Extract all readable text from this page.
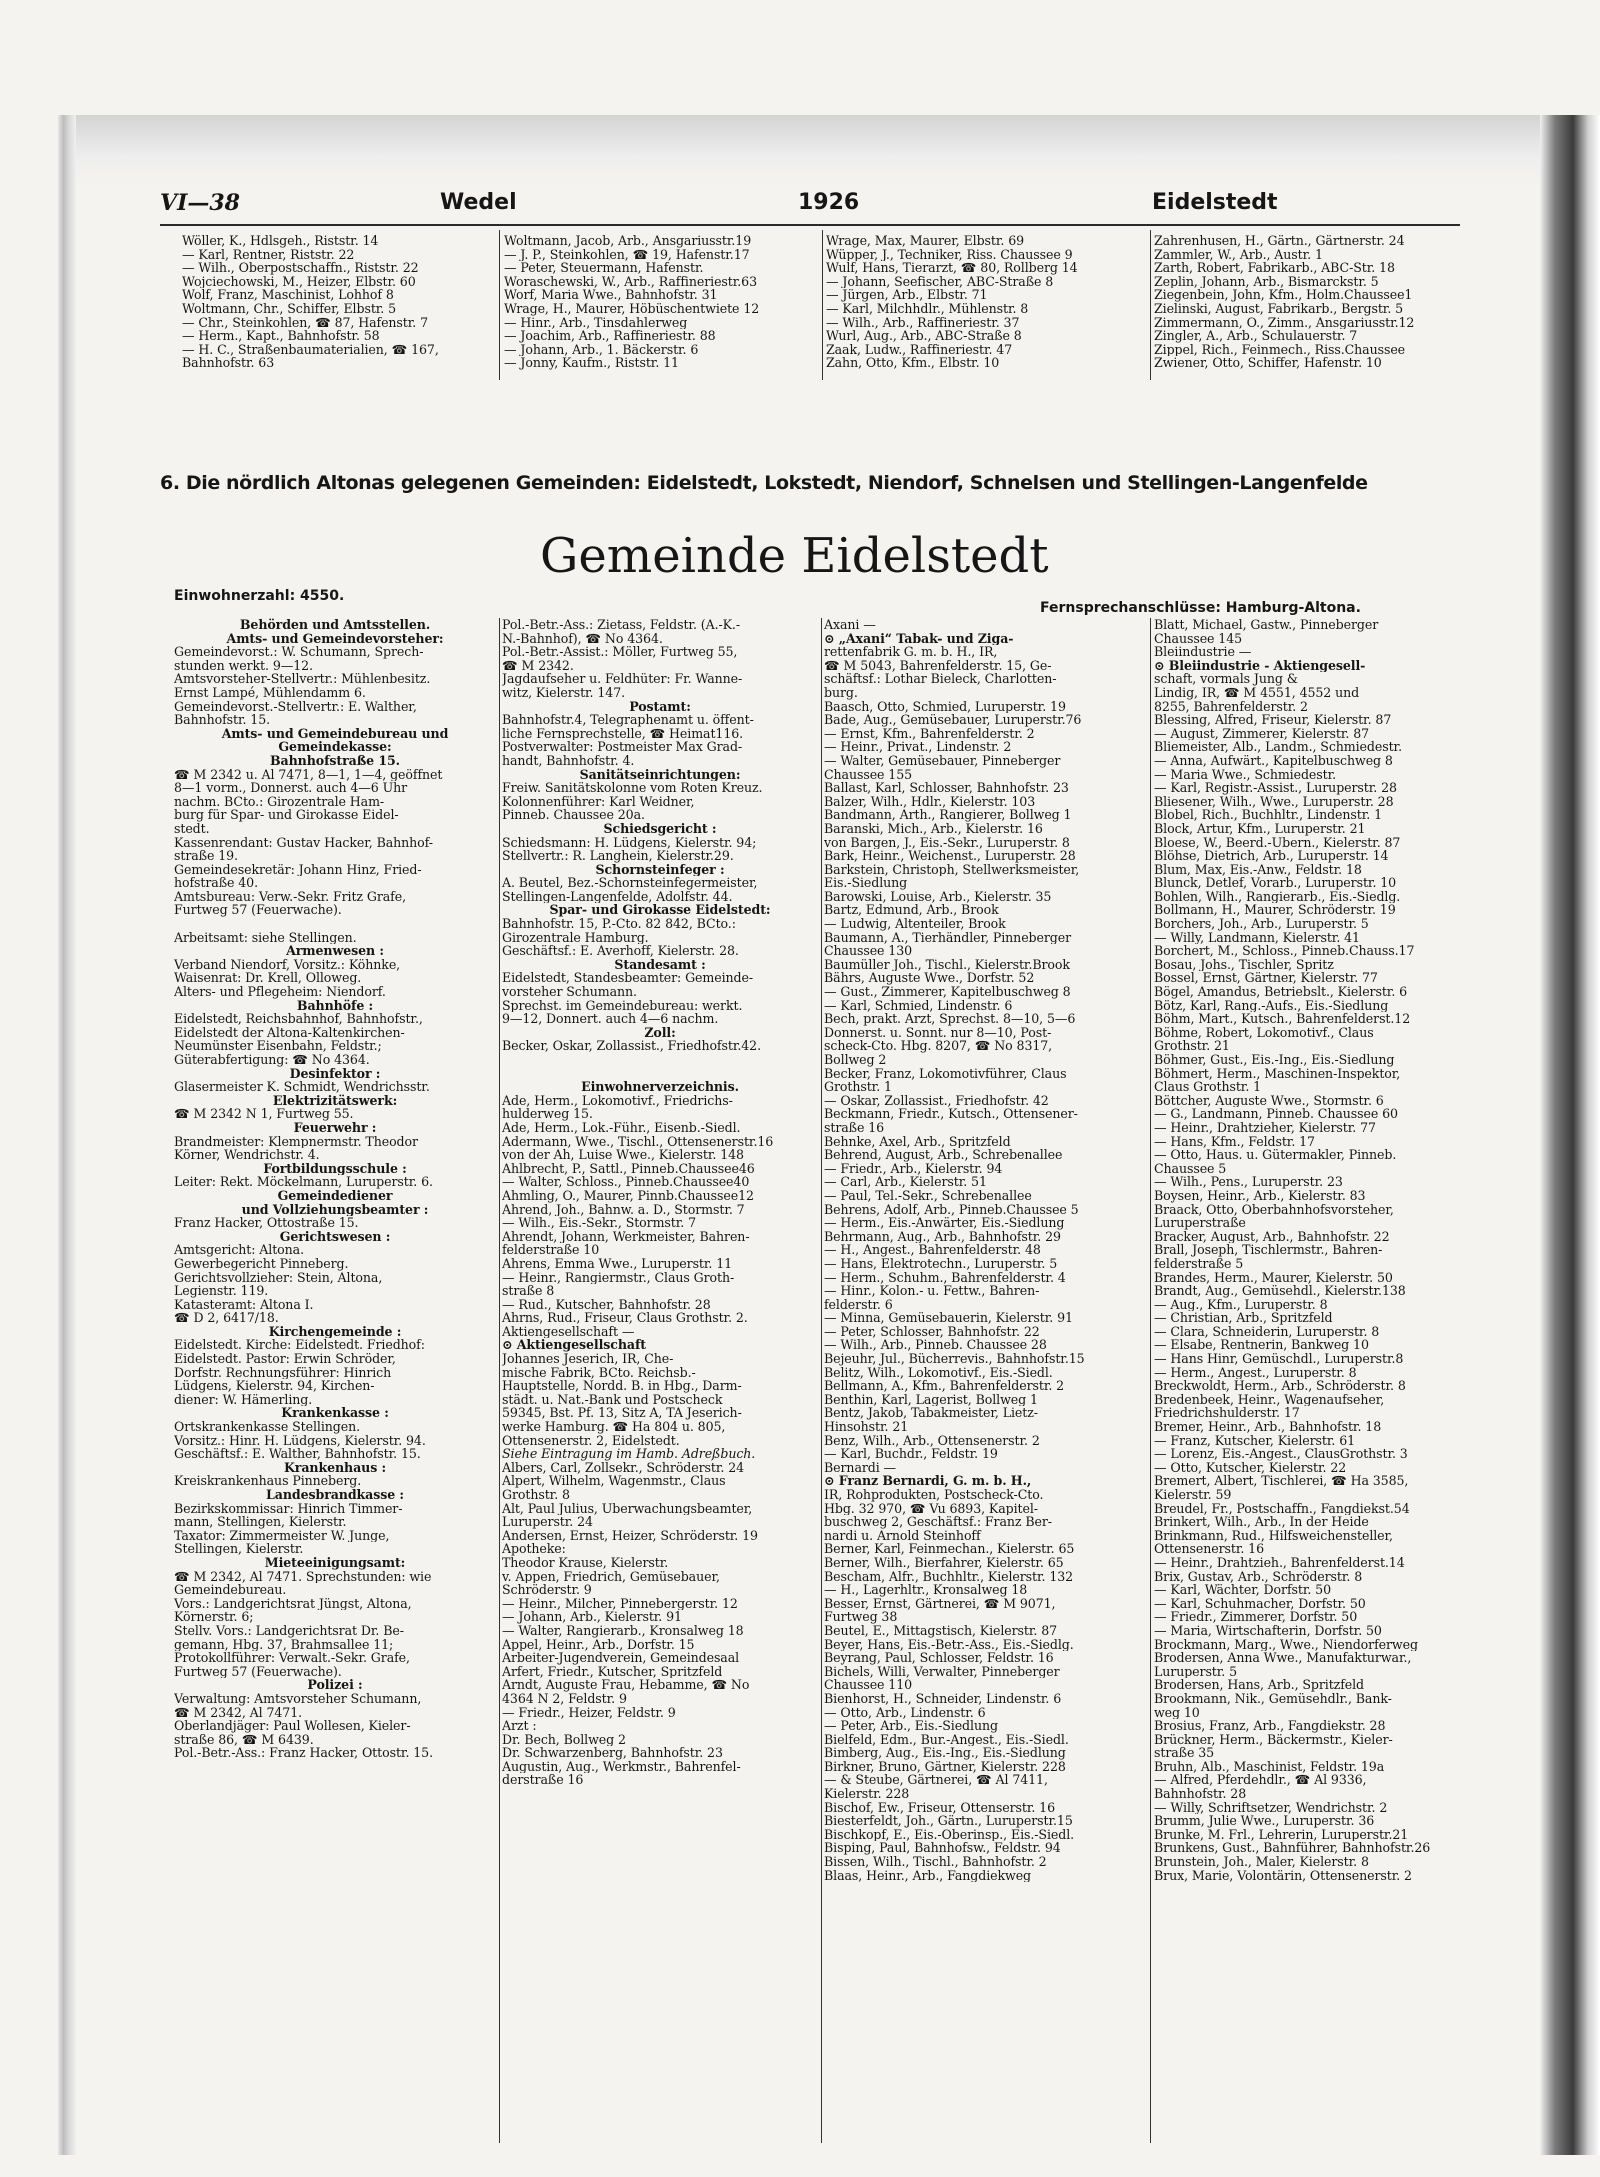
VI—38	Wedel	1926	Eidelstedt
Wöller, K., Hdlsgeh., Riststr. 14
— Karl, Rentner, Riststr. 22
— Wilh., Oberpostschaffn., Riststr. 22
Wojciechowski, M., Heizer, Elbstr. 60
Wolf, Franz, Maschinist, Lohhof 8
Woltmann, Chr., Schiffer, Elbstr. 5
— Chr., Steinkohlen, ☎ 87, Hafenstr. 7
— Herm., Kapt., Bahnhofstr. 58
— H. C., Straßenbaumaterialien, ☎ 167,
Bahnhofstr. 63
Woltmann, Jacob, Arb., Ansgariusstr.19
— J. P., Steinkohlen, ☎ 19, Hafenstr.17
— Peter, Steuermann, Hafenstr.
Woraschewski, W., Arb., Raffineriestr.63
Worf, Maria Wwe., Bahnhofstr. 31
Wrage, H., Maurer, Höbüschentwiete 12
— Hinr., Arb., Tinsdahlerweg
— Joachim, Arb., Raffineriestr. 88
— Johann, Arb., 1. Bäckerstr. 6
— Jonny, Kaufm., Riststr. 11
Wrage, Max, Maurer, Elbstr. 69
Wüpper, J., Techniker, Riss. Chaussee 9
Wulf, Hans, Tierarzt, ☎ 80, Rollberg 14
— Johann, Seefischer, ABC-Straße 8
— Jürgen, Arb., Elbstr. 71
— Karl, Milchhdlr., Mühlenstr. 8
— Wilh., Arb., Raffineriestr. 37
Wurl, Aug., Arb., ABC-Straße 8
Zaak, Ludw., Raffineriestr. 47
Zahn, Otto, Kfm., Elbstr. 10
Zahrenhusen, H., Gärtn., Gärtnerstr. 24
Zammler, W., Arb., Austr. 1
Zarth, Robert, Fabrikarb., ABC-Str. 18
Zeplin, Johann, Arb., Bismarckstr. 5
Ziegenbein, John, Kfm., Holm.Chaussee1
Zielinski, August, Fabrikarb., Bergstr. 5
Zimmermann, O., Zimm., Ansgariusstr.12
Zingler, A., Arb., Schulauerstr. 7
Zippel, Rich., Feinmech., Riss.Chaussee
Zwiener, Otto, Schiffer, Hafenstr. 10
6. Die nördlich Altonas gelegenen Gemeinden: Eidelstedt, Lokstedt, Niendorf, Schnelsen und Stellingen-Langenfelde
Gemeinde Eidelstedt
Einwohnerzahl: 4550.
Fernsprechanschlüsse: Hamburg-Altona.
Behörden und Amtsstellen.
Amts- und Gemeindevorsteher:
Gemeindevorst.: W. Schumann, Sprech-
stunden werkt. 9—12.
Amtsvorsteher-Stellvertr.: Mühlenbesitz.
Ernst Lampé, Mühlendamm 6.
Gemeindevorst.-Stellvertr.: E. Walther,
Bahnhofstr. 15.
Amts- und Gemeindebureau und
Gemeindekasse:
Bahnhofstraße 15.
☎ M 2342 u. Al 7471, 8—1, 1—4, geöffnet
8—1 vorm., Donnerst. auch 4—6 Uhr
nachm. BCto.: Girozentrale Ham-
burg für Spar- und Girokasse Eidel-
stedt.
Kassenrendant: Gustav Hacker, Bahnhof-
straße 19.
Gemeindesekretär: Johann Hinz, Fried-
hofstraße 40.
Amtsbureau: Verw.-Sekr. Fritz Grafe,
Furtweg 57 (Feuerwache).

Arbeitsamt: siehe Stellingen.
Armenwesen :
Verband Niendorf, Vorsitz.: Köhnke,
Waisenrat: Dr. Krell, Olloweg.
Alters- und Pflegeheim: Niendorf.
Bahnhöfe :
Eidelstedt, Reichsbahnhof, Bahnhofstr.,
Eidelstedt der Altona-Kaltenkirchen-
Neumünster Eisenbahn, Feldstr.;
Güterabfertigung: ☎ No 4364.
Desinfektor :
Glasermeister K. Schmidt, Wendrichsstr.
Elektrizitätswerk:
☎ M 2342 N 1, Furtweg 55.
Feuerwehr :
Brandmeister: Klempnermstr. Theodor
Körner, Wendrichstr. 4.
Fortbildungsschule :
Leiter: Rekt. Möckelmann, Luruperstr. 6.
Gemeindediener
und Vollziehungsbeamter :
Franz Hacker, Ottostraße 15.
Gerichtswesen :
Amtsgericht: Altona.
Gewerbegericht Pinneberg.
Gerichtsvollzieher: Stein, Altona,
Legienstr. 119.
Katasteramt: Altona I.
☎ D 2, 6417/18.
Kirchengemeinde :
Eidelstedt. Kirche: Eidelstedt. Friedhof:
Eidelstedt. Pastor: Erwin Schröder,
Dorfstr. Rechnungsführer: Hinrich
Lüdgens, Kielerstr. 94, Kirchen-
diener: W. Hämerling.
Krankenkasse :
Ortskrankenkasse Stellingen.
Vorsitz.: Hinr. H. Lüdgens, Kielerstr. 94.
Geschäftsf.: E. Walther, Bahnhofstr. 15.
Krankenhaus :
Kreiskrankenhaus Pinneberg.
Landesbrandkasse :
Bezirkskommissar: Hinrich Timmer-
mann, Stellingen, Kielerstr.
Taxator: Zimmermeister W. Junge,
Stellingen, Kielerstr.
Mieteeinigungsamt:
☎ M 2342, Al 7471. Sprechstunden: wie
Gemeindebureau.
Vors.: Landgerichtsrat Jüngst, Altona,
Körnerstr. 6;
Stellv. Vors.: Landgerichtsrat Dr. Be-
gemann, Hbg. 37, Brahmsallee 11;
Protokollführer: Verwalt.-Sekr. Grafe,
Furtweg 57 (Feuerwache).
Polizei :
Verwaltung: Amtsvorsteher Schumann,
☎ M 2342, Al 7471.
Oberlandjäger: Paul Wollesen, Kieler-
straße 86, ☎ M 6439.
Pol.-Betr.-Ass.: Franz Hacker, Ottostr. 15.
Pol.-Betr.-Ass.: Zietass, Feldstr. (A.-K.-
N.-Bahnhof), ☎ No 4364.
Pol.-Betr.-Assist.: Möller, Furtweg 55,
☎ M 2342.
Jagdaufseher u. Feldhüter: Fr. Wanne-
witz, Kielerstr. 147.
Postamt:
Bahnhofstr.4, Telegraphenamt u. öffent-
liche Fernsprechstelle, ☎ Heimat116.
Postverwalter: Postmeister Max Grad-
handt, Bahnhofstr. 4.
Sanitätseinrichtungen:
Freiw. Sanitätskolonne vom Roten Kreuz.
Kolonnenführer: Karl Weidner,
Pinneb. Chaussee 20a.
Schiedsgericht :
Schiedsmann: H. Lüdgens, Kielerstr. 94;
Stellvertr.: R. Langhein, Kielerstr.29.
Schornsteinfeger :
A. Beutel, Bez.-Schornsteinfegermeister,
Stellingen-Langenfelde, Adolfstr. 44.
Spar- und Girokasse Eidelstedt:
Bahnhofstr. 15, P.-Cto. 82 842, BCto.:
Girozentrale Hamburg.
Geschäftsf.: E. Averhoff, Kielerstr. 28.
Standesamt :
Eidelstedt, Standesbeamter: Gemeinde-
vorsteher Schumann.
Sprechst. im Gemeindebureau: werkt.
9—12, Donnert. auch 4—6 nachm.
Zoll:
Becker, Oskar, Zollassist., Friedhofstr.42.

Einwohnerverzeichnis.
Ade, Herm., Lokomotivf., Friedrichs-
hulderweg 15.
Ade, Herm., Lok.-Führ., Eisenb.-Siedl.
Adermann, Wwe., Tischl., Ottensenerstr.16
von der Ah, Luise Wwe., Kielerstr. 148
Ahlbrecht, P., Sattl., Pinneb.Chaussee46
— Walter, Schloss., Pinneb.Chaussee40
Ahmling, O., Maurer, Pinnb.Chaussee12
Ahrend, Joh., Bahnw. a. D., Stormstr. 7
— Wilh., Eis.-Sekr., Stormstr. 7
Ahrendt, Johann, Werkmeister, Bahren-
felderstraße 10
Ahrens, Emma Wwe., Luruperstr. 11
— Heinr., Rangiermstr., Claus Groth-
straße 8
— Rud., Kutscher, Bahnhofstr. 28
Ahrns, Rud., Friseur, Claus Grothstr. 2.
Aktiengesellschaft —
⊙ Aktiengesellschaft
Johannes Jeserich, IR, Che-
mische Fabrik, BCto. Reichsb.-
Hauptstelle, Nordd. B. in Hbg., Darm-
städt. u. Nat.-Bank und Postscheck
59345, Bst. Pf. 13, Sitz A, TA Jeserich-
werke Hamburg. ☎ Ha 804 u. 805,
Ottensenerstr. 2, Eidelstedt.
Siehe Eintragung im Hamb. Adreßbuch.
Albers, Carl, Zollsekr., Schröderstr. 24
Alpert, Wilhelm, Wagenmstr., Claus
Grothstr. 8
Alt, Paul Julius, Überwachungsbeamter,
Luruperstr. 24
Andersen, Ernst, Heizer, Schröderstr. 19
Apotheke:
Theodor Krause, Kielerstr.
v. Appen, Friedrich, Gemüsebauer,
Schröderstr. 9
— Heinr., Milcher, Pinnebergerstr. 12
— Johann, Arb., Kielerstr. 91
— Walter, Rangierarb., Kronsalweg 18
Appel, Heinr., Arb., Dorfstr. 15
Arbeiter-Jugendverein, Gemeindesaal
Arfert, Friedr., Kutscher, Spritzfeld
Arndt, Auguste Frau, Hebamme, ☎ No
4364 N 2, Feldstr. 9
— Friedr., Heizer, Feldstr. 9
Arzt :
Dr. Bech, Bollweg 2
Dr. Schwarzenberg, Bahnhofstr. 23
Augustin, Aug., Werkmstr., Bahrenfel-
derstraße 16
Axani —
⊙ „Axani“ Tabak- und Ziga-
rettenfabrik G. m. b. H., IR,
☎ M 5043, Bahrenfelderstr. 15, Ge-
schäftsf.: Lothar Bieleck, Charlotten-
burg.
Baasch, Otto, Schmied, Luruperstr. 19
Bade, Aug., Gemüsebauer, Luruperstr.76
— Ernst, Kfm., Bahrenfelderstr. 2
— Heinr., Privat., Lindenstr. 2
— Walter, Gemüsebauer, Pinneberger
Chaussee 155
Ballast, Karl, Schlosser, Bahnhofstr. 23
Balzer, Wilh., Hdlr., Kielerstr. 103
Bandmann, Arth., Rangierer, Bollweg 1
Baranski, Mich., Arb., Kielerstr. 16
von Bargen, J., Eis.-Sekr., Luruperstr. 8
Bark, Heinr., Weichenst., Luruperstr. 28
Barkstein, Christoph, Stellwerksmeister,
Eis.-Siedlung
Barowski, Louise, Arb., Kielerstr. 35
Bartz, Edmund, Arb., Brook
— Ludwig, Altenteiler, Brook
Baumann, A., Tierhändler, Pinneberger
Chaussee 130
Baumüller Joh., Tischl., Kielerstr.Brook
Bährs, Auguste Wwe., Dorfstr. 52
— Gust., Zimmerer, Kapitelbuschweg 8
— Karl, Schmied, Lindenstr. 6
Bech, prakt. Arzt, Sprechst. 8—10, 5—6
Donnerst. u. Sonnt. nur 8—10, Post-
scheck-Cto. Hbg. 8207, ☎ No 8317,
Bollweg 2
Becker, Franz, Lokomotivführer, Claus
Grothstr. 1
— Oskar, Zollassist., Friedhofstr. 42
Beckmann, Friedr., Kutsch., Ottensener-
straße 16
Behnke, Axel, Arb., Spritzfeld
Behrend, August, Arb., Schrebenallee
— Friedr., Arb., Kielerstr. 94
— Carl, Arb., Kielerstr. 51
— Paul, Tel.-Sekr., Schrebenallee
Behrens, Adolf, Arb., Pinneb.Chaussee 5
— Herm., Eis.-Anwärter, Eis.-Siedlung
Behrmann, Aug., Arb., Bahnhofstr. 29
— H., Angest., Bahrenfelderstr. 48
— Hans, Elektrotechn., Luruperstr. 5
— Herm., Schuhm., Bahrenfelderstr. 4
— Hinr., Kolon.- u. Fettw., Bahren-
felderstr. 6
— Minna, Gemüsebauerin, Kielerstr. 91
— Peter, Schlosser, Bahnhofstr. 22
— Wilh., Arb., Pinneb. Chaussee 28
Bejeuhr, Jul., Bücherrevis., Bahnhofstr.15
Belitz, Wilh., Lokomotivf., Eis.-Siedl.
Bellmann, A., Kfm., Bahrenfelderstr. 2
Benthin, Karl, Lagerist, Bollweg 1
Bentz, Jakob, Tabakmeister, Lietz-
Hinsohstr. 21
Benz, Wilh., Arb., Ottensenerstr. 2
— Karl, Buchdr., Feldstr. 19
Bernardi —
⊙ Franz Bernardi, G. m. b. H.,
IR, Rohprodukten, Postscheck-Cto.
Hbg. 32 970, ☎ Vu 6893, Kapitel-
buschweg 2, Geschäftsf.: Franz Ber-
nardi u. Arnold Steinhoff
Berner, Karl, Feinmechan., Kielerstr. 65
Berner, Wilh., Bierfahrer, Kielerstr. 65
Bescham, Alfr., Buchhltr., Kielerstr. 132
— H., Lagerhltr., Kronsalweg 18
Besser, Ernst, Gärtnerei, ☎ M 9071,
Furtweg 38
Beutel, E., Mittagstisch, Kielerstr. 87
Beyer, Hans, Eis.-Betr.-Ass., Eis.-Siedlg.
Beyrang, Paul, Schlosser, Feldstr. 16
Bichels, Willi, Verwalter, Pinneberger
Chaussee 110
Bienhorst, H., Schneider, Lindenstr. 6
— Otto, Arb., Lindenstr. 6
— Peter, Arb., Eis.-Siedlung
Bielfeld, Edm., Bur.-Angest., Eis.-Siedl.
Bimberg, Aug., Eis.-Ing., Eis.-Siedlung
Birkner, Bruno, Gärtner, Kielerstr. 228
— & Steube, Gärtnerei, ☎ Al 7411,
Kielerstr. 228
Bischof, Ew., Friseur, Ottenserstr. 16
Biesterfeldt, Joh., Gärtn., Luruperstr.15
Bischkopf, E., Eis.-Oberinsp., Eis.-Siedl.
Bisping, Paul, Bahnhofsw., Feldstr. 94
Bissen, Wilh., Tischl., Bahnhofstr. 2
Blaas, Heinr., Arb., Fangdiekweg
Blatt, Michael, Gastw., Pinneberger
Chaussee 145
Bleiindustrie —
⊙ Bleiindustrie - Aktiengesell-
schaft, vormals Jung &
Lindig, IR, ☎ M 4551, 4552 und
8255, Bahrenfelderstr. 2
Blessing, Alfred, Friseur, Kielerstr. 87
— August, Zimmerer, Kielerstr. 87
Bliemeister, Alb., Landm., Schmiedestr.
— Anna, Aufwärt., Kapitelbuschweg 8
— Maria Wwe., Schmiedestr.
— Karl, Registr.-Assist., Luruperstr. 28
Bliesener, Wilh., Wwe., Luruperstr. 28
Blobel, Rich., Buchhltr., Lindenstr. 1
Block, Artur, Kfm., Luruperstr. 21
Bloese, W., Beerd.-Übern., Kielerstr. 87
Blöhse, Dietrich, Arb., Luruperstr. 14
Blum, Max, Eis.-Anw., Feldstr. 18
Blunck, Detlef, Vorarb., Luruperstr. 10
Bohlen, Wilh., Rangierarb., Eis.-Siedlg.
Bollmann, H., Maurer, Schröderstr. 19
Borchers, Joh., Arb., Luruperstr. 5
— Willy, Landmann, Kielerstr. 41
Borchert, M., Schloss., Pinneb.Chauss.17
Bosau, Johs., Tischler, Spritz
Bossel, Ernst, Gärtner, Kielerstr. 77
Bögel, Amandus, Betriebslt., Kielerstr. 6
Bötz, Karl, Rang.-Aufs., Eis.-Siedlung
Böhm, Mart., Kutsch., Bahrenfelderst.12
Böhme, Robert, Lokomotivf., Claus
Grothstr. 21
Böhmer, Gust., Eis.-Ing., Eis.-Siedlung
Böhmert, Herm., Maschinen-Inspektor,
Claus Grothstr. 1
Böttcher, Auguste Wwe., Stormstr. 6
— G., Landmann, Pinneb. Chaussee 60
— Heinr., Drahtzieher, Kielerstr. 77
— Hans, Kfm., Feldstr. 17
— Otto, Haus. u. Gütermakler, Pinneb.
Chaussee 5
— Wilh., Pens., Luruperstr. 23
Boysen, Heinr., Arb., Kielerstr. 83
Braack, Otto, Oberbahnhofsvorsteher,
Luruperstraße
Bracker, August, Arb., Bahnhofstr. 22
Brall, Joseph, Tischlermstr., Bahren-
felderstraße 5
Brandes, Herm., Maurer, Kielerstr. 50
Brandt, Aug., Gemüsehdl., Kielerstr.138
— Aug., Kfm., Luruperstr. 8
— Christian, Arb., Spritzfeld
— Clara, Schneiderin, Luruperstr. 8
— Elsabe, Rentnerin, Bankweg 10
— Hans Hinr, Gemüschdl., Luruperstr.8
— Herm., Angest., Luruperstr. 8
Breckwoldt, Herm., Arb., Schröderstr. 8
Bredenbeek, Heinr., Wagenaufseher,
Friedrichshulderstr. 17
Bremer, Heinr., Arb., Bahnhofstr. 18
— Franz, Kutscher, Kielerstr. 61
— Lorenz, Eis.-Angest., ClausGrothstr. 3
— Otto, Kutscher, Kielerstr. 22
Bremert, Albert, Tischlerei, ☎ Ha 3585,
Kielerstr. 59
Breudel, Fr., Postschaffn., Fangdiekst.54
Brinkert, Wilh., Arb., In der Heide
Brinkmann, Rud., Hilfsweichensteller,
Ottensenerstr. 16
— Heinr., Drahtzieh., Bahrenfelderst.14
Brix, Gustav, Arb., Schröderstr. 8
— Karl, Wächter, Dorfstr. 50
— Karl, Schuhmacher, Dorfstr. 50
— Friedr., Zimmerer, Dorfstr. 50
— Maria, Wirtschafterin, Dorfstr. 50
Brockmann, Marg., Wwe., Niendorferweg
Brodersen, Anna Wwe., Manufakturwar.,
Luruperstr. 5
Brodersen, Hans, Arb., Spritzfeld
Brookmann, Nik., Gemüsehdlr., Bank-
weg 10
Brosius, Franz, Arb., Fangdiekstr. 28
Brückner, Herm., Bäckermstr., Kieler-
straße 35
Bruhn, Alb., Maschinist, Feldstr. 19a
— Alfred, Pferdehdlr., ☎ Al 9336,
Bahnhofstr. 28
— Willy, Schriftsetzer, Wendrichstr. 2
Brumm, Julie Wwe., Luruperstr. 36
Brunke, M. Frl., Lehrerin, Luruperstr.21
Brunkens, Gust., Bahnführer, Bahnhofstr.26
Brunstein, Joh., Maler, Kielerstr. 8
Brux, Marie, Volontärin, Ottensenerstr. 2
